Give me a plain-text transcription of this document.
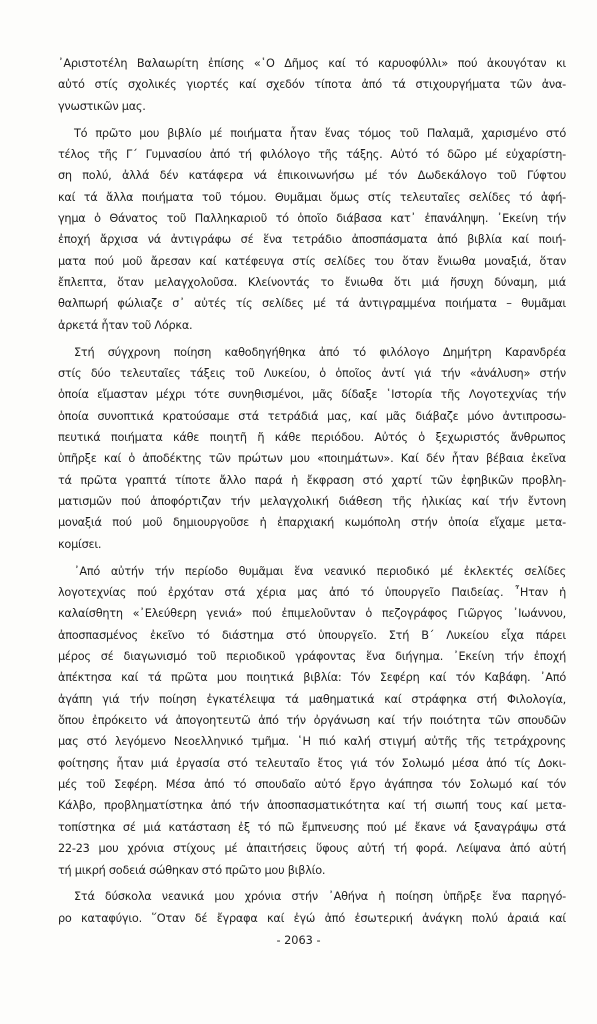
᾿Αριστοτέλη Βαλαωρίτη ἐπίσης «῾Ο Δῆμος καί τό καρυοφύλλι» πού ἀκουγόταν κι
αὐτό στίς σχολικές γιορτές καί σχεδόν τίποτα ἀπό τά στιχουργήματα τῶν ἀνα-
γνωστικῶν μας.
Τό πρῶτο μου βιβλίο μέ ποιήματα ἦταν ἕνας τόμος τοῦ Παλαμᾶ, χαρισμένο στό
τέλος τῆς Γ΄ Γυμνασίου ἀπό τή φιλόλογο τῆς τάξης. Αὐτό τό δῶρο μέ εὐχαρίστη-
ση πολύ, ἀλλά δέν κατάφερα νά ἐπικοινωνήσω μέ τόν Δωδεκάλογο τοῦ Γύφτου
καί τά ἄλλα ποιήματα τοῦ τόμου. Θυμᾶμαι ὅμως στίς τελευταῖες σελίδες τό ἀφή-
γημα ὁ Θάνατος τοῦ Παλληκαριοῦ τό ὁποῖο διάβασα κατ᾿ ἐπανάληψη. ᾿Εκείνη τήν
ἐποχή ἄρχισα νά ἀντιγράφω σέ ἕνα τετράδιο ἀποσπάσματα ἀπό βιβλία καί ποιή-
ματα πού μοῦ ἄρεσαν καί κατέφευγα στίς σελίδες του ὅταν ἔνιωθα μοναξιά, ὅταν
ἔπλεπτα, ὅταν μελαγχολοῦσα. Κλείνοντάς το ἔνιωθα ὅτι μιά ἥσυχη δύναμη, μιά
θαλπωρή φώλιαζε σ᾿ αὐτές τίς σελίδες μέ τά ἀντιγραμμένα ποιήματα – θυμᾶμαι
ἀρκετά ἦταν τοῦ Λόρκα.
Στή σύγχρονη ποίηση καθοδηγήθηκα ἀπό τό φιλόλογο Δημήτρη Καρανδρέα
στίς δύο τελευταῖες τάξεις τοῦ Λυκείου, ὁ ὁποῖος ἀντί γιά τήν «ἀνάλυση» στήν
ὁποία εἴμασταν μέχρι τότε συνηθισμένοι, μᾶς δίδαξε ῾Ιστορία τῆς Λογοτεχνίας τήν
ὁποία συνοπτικά κρατούσαμε στά τετράδιά μας, καί μᾶς διάβαζε μόνο ἀντιπροσω-
πευτικά ποιήματα κάθε ποιητῆ ἤ κάθε περιόδου. Αὐτός ὁ ξεχωριστός ἄνθρωπος
ὑπῆρξε καί ὁ ἀποδέκτης τῶν πρώτων μου «ποιημάτων». Καί δέν ἦταν βέβαια ἐκεῖνα
τά πρῶτα γραπτά τίποτε ἄλλο παρά ἡ ἔκφραση στό χαρτί τῶν ἐφηβικῶν προβλη-
ματισμῶν πού ἀποφόρτιζαν τήν μελαγχολική διάθεση τῆς ἡλικίας καί τήν ἔντονη
μοναξιά πού μοῦ δημιουργοῦσε ἡ ἐπαρχιακή κωμόπολη στήν ὁποία εἴχαμε μετα-
κομίσει.
᾿Από αὐτήν τήν περίοδο θυμᾶμαι ἕνα νεανικό περιοδικό μέ ἐκλεκτές σελίδες
λογοτεχνίας πού ἐρχόταν στά χέρια μας ἀπό τό ὑπουργεῖο Παιδείας. ῏Ηταν ἡ
καλαίσθητη «᾿Ελεύθερη γενιά» πού ἐπιμελοῦνταν ὁ πεζογράφος Γιῶργος ᾿Ιωάννου,
ἀποσπασμένος ἐκεῖνο τό διάστημα στό ὑπουργεῖο. Στή Β΄ Λυκείου εἶχα πάρει
μέρος σέ διαγωνισμό τοῦ περιοδικοῦ γράφοντας ἕνα διήγημα. ᾿Εκείνη τήν ἐποχή
ἀπέκτησα καί τά πρῶτα μου ποιητικά βιβλία: Τόν Σεφέρη καί τόν Καβάφη. ᾿Από
ἀγάπη γιά τήν ποίηση ἐγκατέλειψα τά μαθηματικά καί στράφηκα στή Φιλολογία,
ὅπου ἐπρόκειτο νά ἀπογοητευτῶ ἀπό τήν ὀργάνωση καί τήν ποιότητα τῶν σπουδῶν
μας στό λεγόμενο Νεοελληνικό τμῆμα. ῾Η πιό καλή στιγμή αὐτῆς τῆς τετράχρονης
φοίτησης ἦταν μιά ἐργασία στό τελευταῖο ἔτος γιά τόν Σολωμό μέσα ἀπό τίς Δοκι-
μές τοῦ Σεφέρη. Μέσα ἀπό τό σπουδαῖο αὐτό ἔργο ἀγάπησα τόν Σολωμό καί τόν
Κάλβο, προβληματίστηκα ἀπό τήν ἀποσπασματικότητα καί τή σιωπή τους καί μετα-
τοπίστηκα σέ μιά κατάσταση ἐξ τό πῶ ἔμπνευσης πού μέ ἔκανε νά ξαναγράψω στά
22-23 μου χρόνια στίχους μέ ἀπαιτήσεις ὕφους αὐτή τή φορά. Λείψανα ἀπό αὐτή
τή μικρή σοδειά σώθηκαν στό πρῶτο μου βιβλίο.
Στά δύσκολα νεανικά μου χρόνια στήν ᾿Αθήνα ἡ ποίηση ὑπῆρξε ἕνα παρηγό-
ρο καταφύγιο. ῞Οταν δέ ἔγραφα καί ἐγώ ἀπό ἐσωτερική ἀνάγκη πολύ ἀραιά καί
- 2063 -
